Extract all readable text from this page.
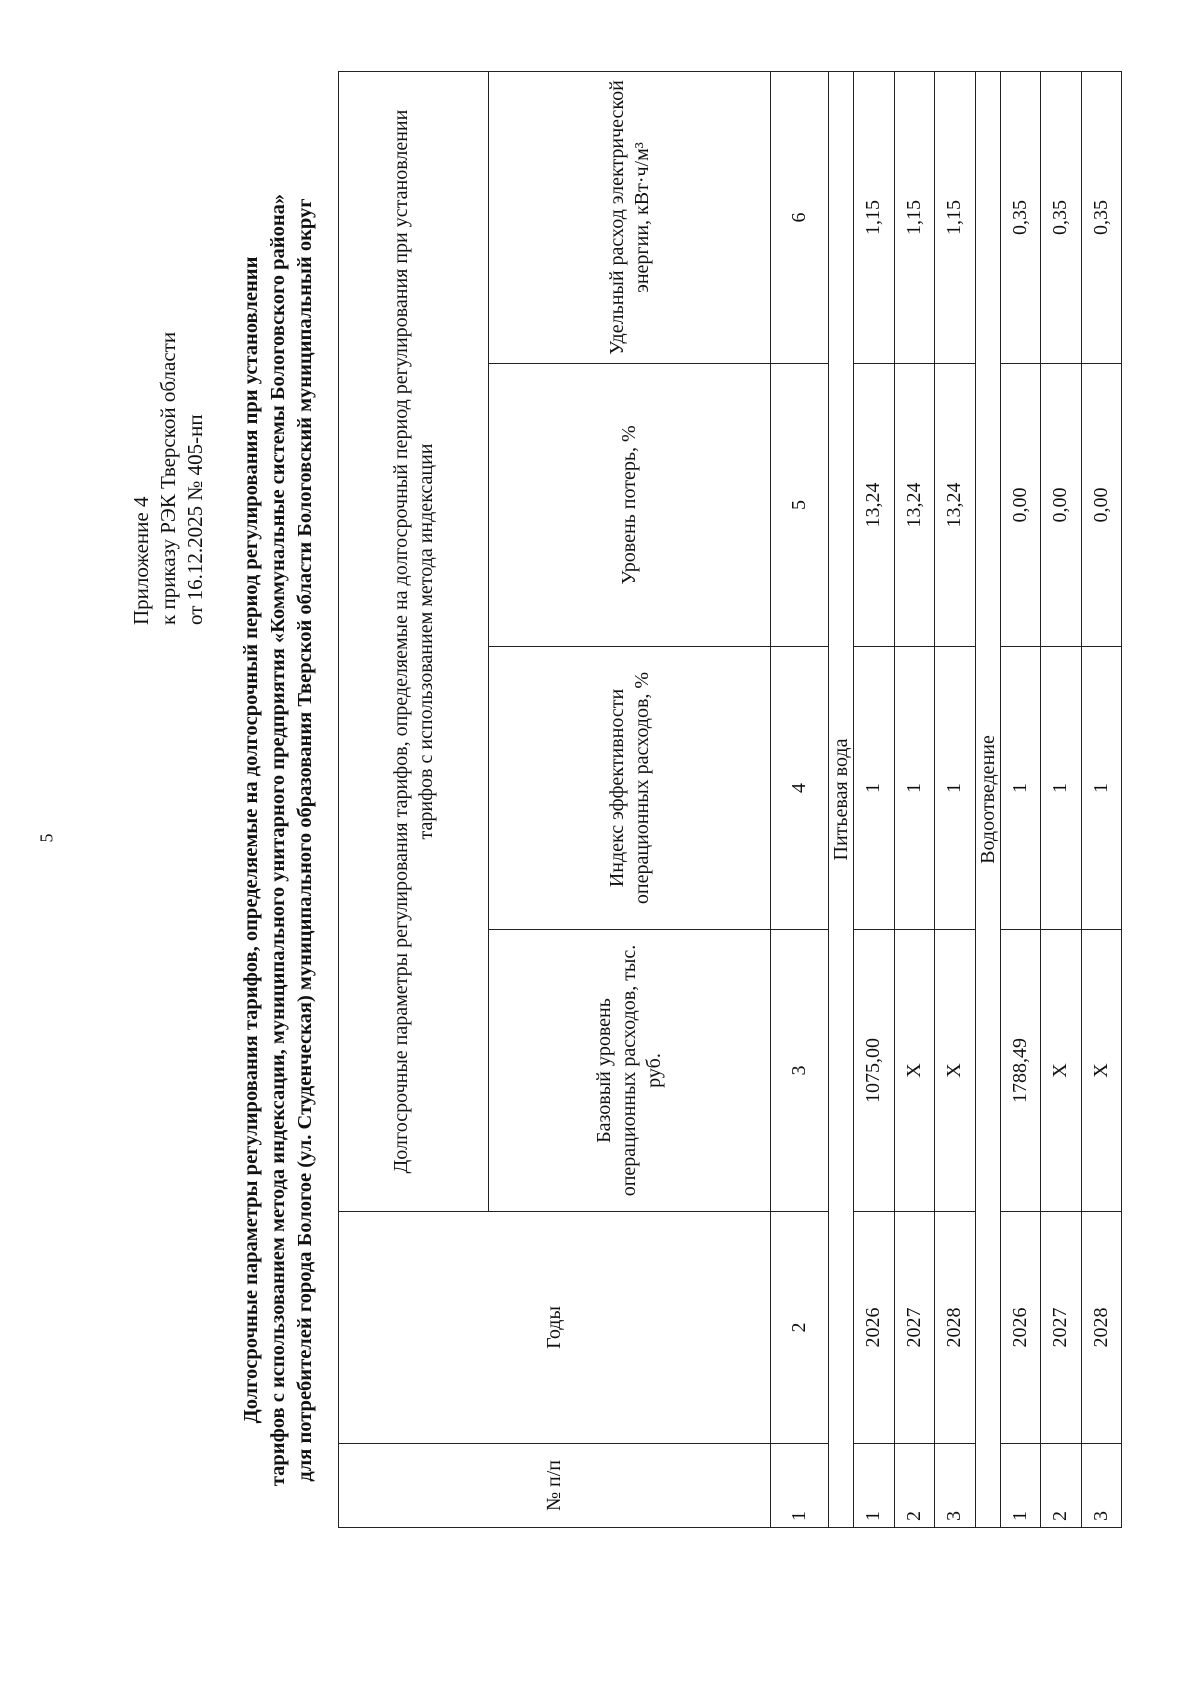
5
Приложение 4 к приказу РЭК Тверской области от 16.12.2025 № 405-нп Долгосрочные параметры регулирования тарифов, определяемые на долгосрочный период регулирования при установлении тарифов с использованием метода индексации, муниципального унитарного предприятия «Коммунальные системы Бологовского района» для потребителей города Бологое (ул. Студенческая) муниципального образования Тверской области Бологовский муниципальный округ
№ п/п	Годы	Долгосрочные параметры регулирования тарифов, определяемые на долгосрочный период регулирования при установлении тарифов с использованием метода индексации			
		Базовый уровень операционных расходов, тыс. руб.	Индекс эффективности операционных расходов, %	Уровень потерь, %	Удельный расход электрической энергии, кВт·ч/м³
1	2	3	4	5	6
Питьевая вода					
1	2026	1075,00	1	13,24	1,15
2	2027	Х	1	13,24	1,15
3	2028	Х	1	13,24	1,15
Водоотведение					
1	2026	1788,49	1	0,00	0,35
2	2027	Х	1	0,00	0,35
3	2028	Х	1	0,00	0,35
